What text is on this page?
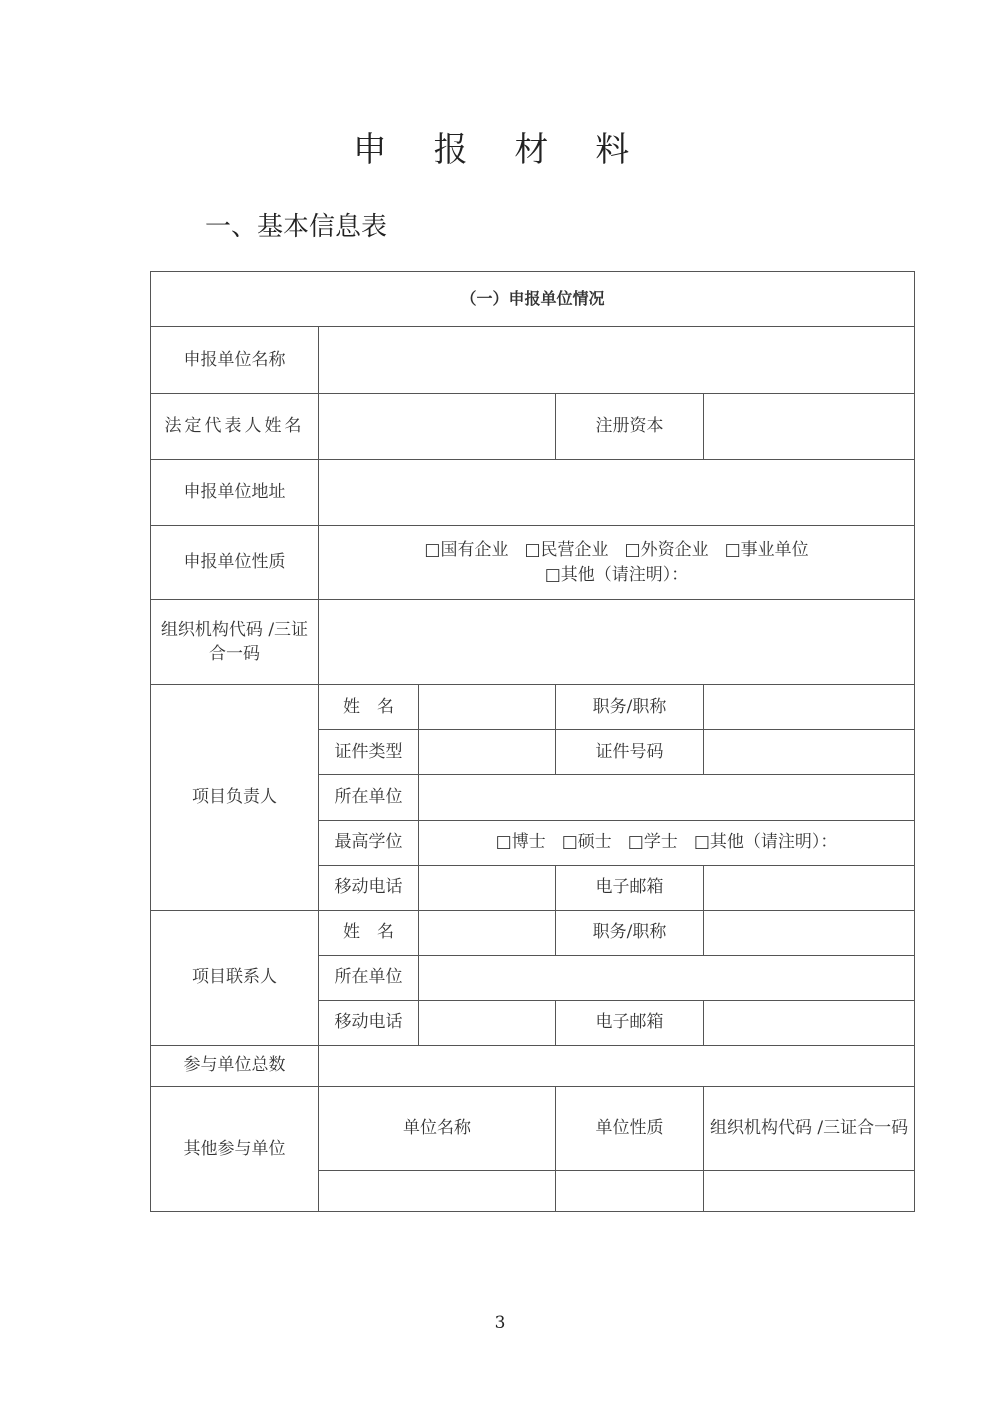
申 报 材 料
一、基本信息表
（一）申报单位情况				
申报单位名称				
法定代表人姓名			注册资本	
申报单位地址				
申报单位性质	□国有企业 □民营企业 □外资企业 □事业单位
□其他（请注明）：			
组织机构代码 /三证合一码				
项目负责人	姓　名		职务/职称	
	证件类型		证件号码	
	所在单位			
	最高学位	□博士 □硕士 □学士 □其他（请注明）：		
	移动电话		电子邮箱	
项目联系人	姓　名		职务/职称	
	所在单位			
	移动电话		电子邮箱	
参与单位总数				
其他参与单位	单位名称		单位性质	组织机构代码 /三证合一码

3
